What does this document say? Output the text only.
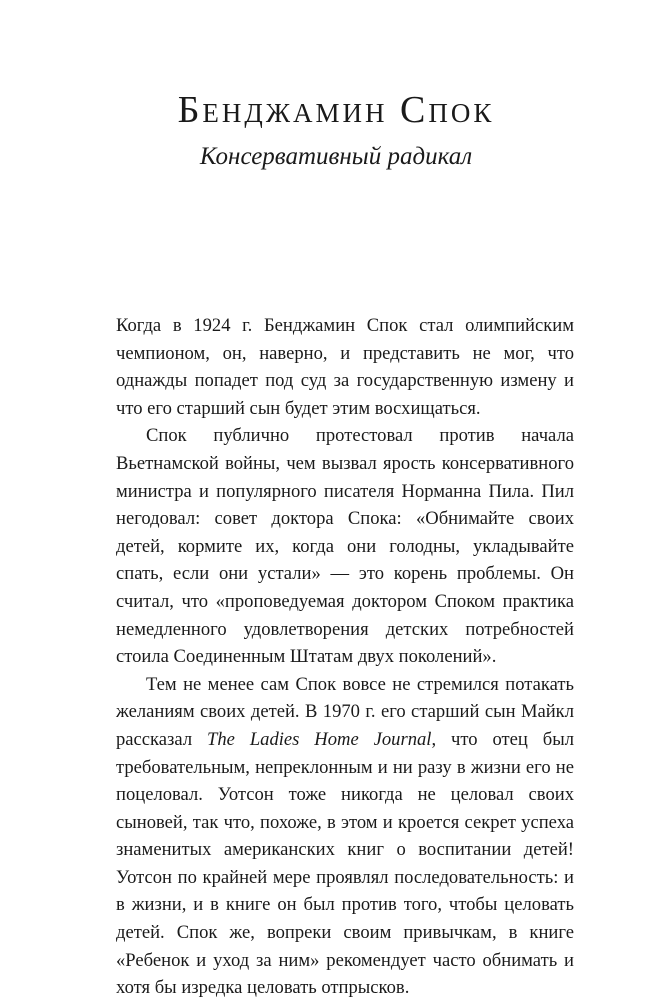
Бенджамин Спок
Консервативный радикал

Когда в 1924 г. Бенджамин Спок стал олимпийским чемпионом, он, наверно, и представить не мог, что однажды попадет под суд за государственную измену и что его старший сын будет этим восхищаться.

Спок публично протестовал против начала Вьетнамской войны, чем вызвал ярость консервативного министра и популярного писателя Норманна Пила. Пил негодовал: совет доктора Спока: «Обнимайте своих детей, кормите их, когда они голодны, укладывайте спать, если они устали» — это корень проблемы. Он считал, что «проповедуемая доктором Споком практика немедленного удовлетворения детских потребностей стоила Соединенным Штатам двух поколений».

Тем не менее сам Спок вовсе не стремился потакать желаниям своих детей. В 1970 г. его старший сын Майкл рассказал The Ladies Home Journal, что отец был требовательным, непреклонным и ни разу в жизни его не поцеловал. Уотсон тоже никогда не целовал своих сыновей, так что, похоже, в этом и кроется секрет успеха знаменитых американских книг о воспитании детей! Уотсон по крайней мере проявлял последовательность: и в жизни, и в книге он был против того, чтобы целовать детей. Спок же, вопреки своим привычкам, в книге «Ребенок и уход за ним» рекомендует часто обнимать и хотя бы изредка целовать отпрысков.
